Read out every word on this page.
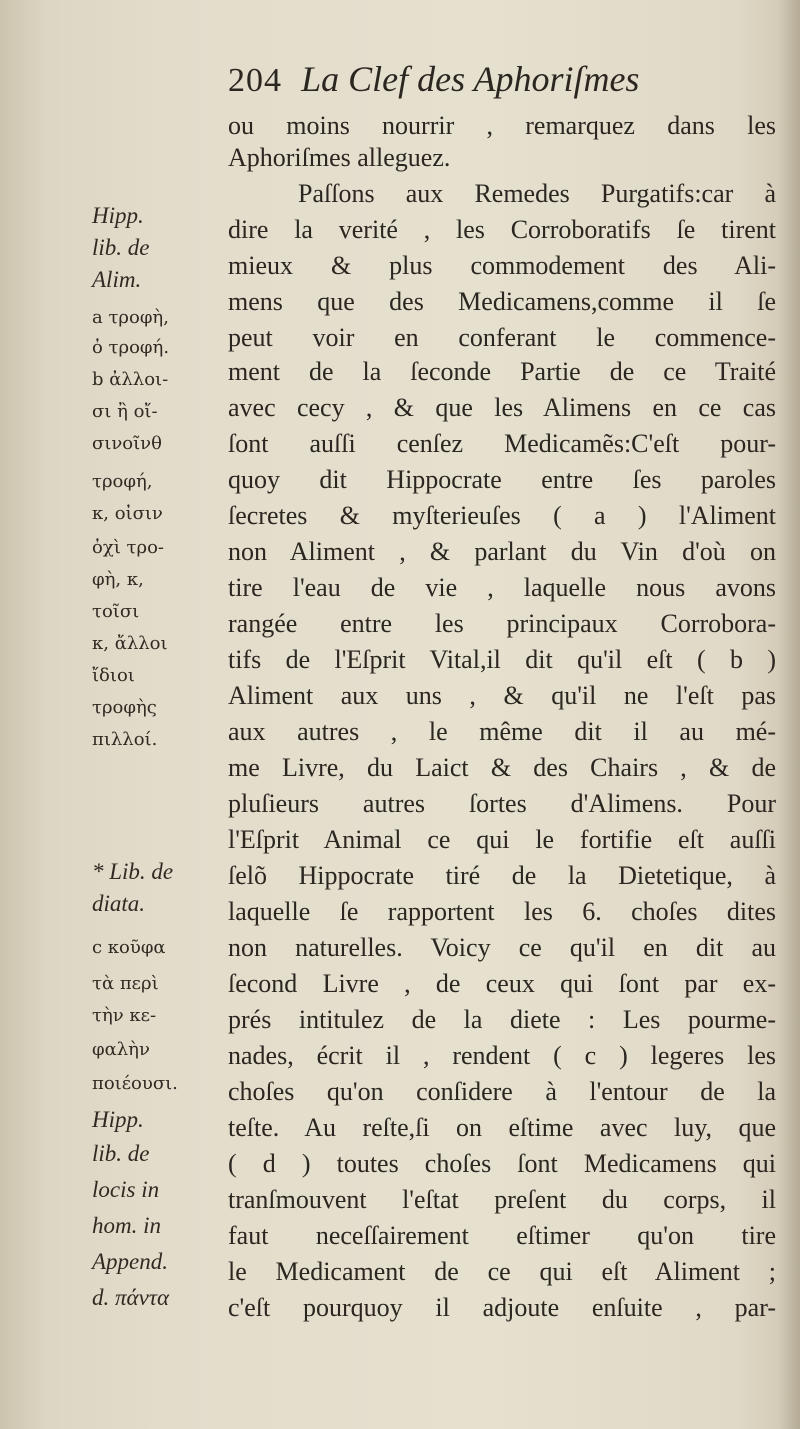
204 La Clef des Aphoriſmes
Hipp.
lib. de
Alim.
a τροφὴ,
ὀ τροφή.
b ἀλλοι-
σι ἢ οἴ-
σινοῖνθ
τροφή,
κ, οἰσιν
ὀχὶ τρο-
φὴ, κ,
τοῖσι
κ, ἄλλοι
ἴδιοι
τροφὴς
πιλλοί.
* Lib. de
diata.
c κοῦφα
τὰ περὶ
τὴν κε-
φαλὴν
ποιέουσι.
Hipp.
lib. de
locis in
hom. in
Append.
d. πάντα
ou moins nourrir , remarquez dans les
Aphoriſmes alleguez.
Paſſons aux Remedes Purgatifs:car à
dire la verité , les Corroboratifs ſe tirent
mieux & plus commodement des Ali-
mens que des Medicamens,comme il ſe
peut voir en conferant le commence-
ment de la ſeconde Partie de ce Traité
avec cecy , & que les Alimens en ce cas
ſont auſſi cenſez Medicamẽs:C'eſt pour-
quoy dit Hippocrate entre ſes paroles
ſecretes & myſterieuſes ( a ) l'Aliment
non Aliment , & parlant du Vin d'où on
tire l'eau de vie , laquelle nous avons
rangée entre les principaux Corrobora-
tifs de l'Eſprit Vital,il dit qu'il eſt ( b )
Aliment aux uns , & qu'il ne l'eſt pas
aux autres , le même dit il au mé-
me Livre, du Laict & des Chairs , & de
pluſieurs autres ſortes d'Alimens. Pour
l'Eſprit Animal ce qui le fortifie eſt auſſi
ſelõ Hippocrate tiré de la Dietetique, à
laquelle ſe rapportent les 6. choſes dites
non naturelles. Voicy ce qu'il en dit au
ſecond Livre , de ceux qui ſont par ex-
prés intitulez de la diete : Les pourme-
nades, écrit il , rendent ( c ) legeres les
choſes qu'on conſidere à l'entour de la
teſte. Au reſte,ſi on eſtime avec luy, que
( d ) toutes choſes ſont Medicamens qui
tranſmouvent l'eſtat preſent du corps, il
faut neceſſairement eſtimer qu'on tire
le Medicament de ce qui eſt Aliment ;
c'eſt pourquoy il adjoute enſuite , par-
